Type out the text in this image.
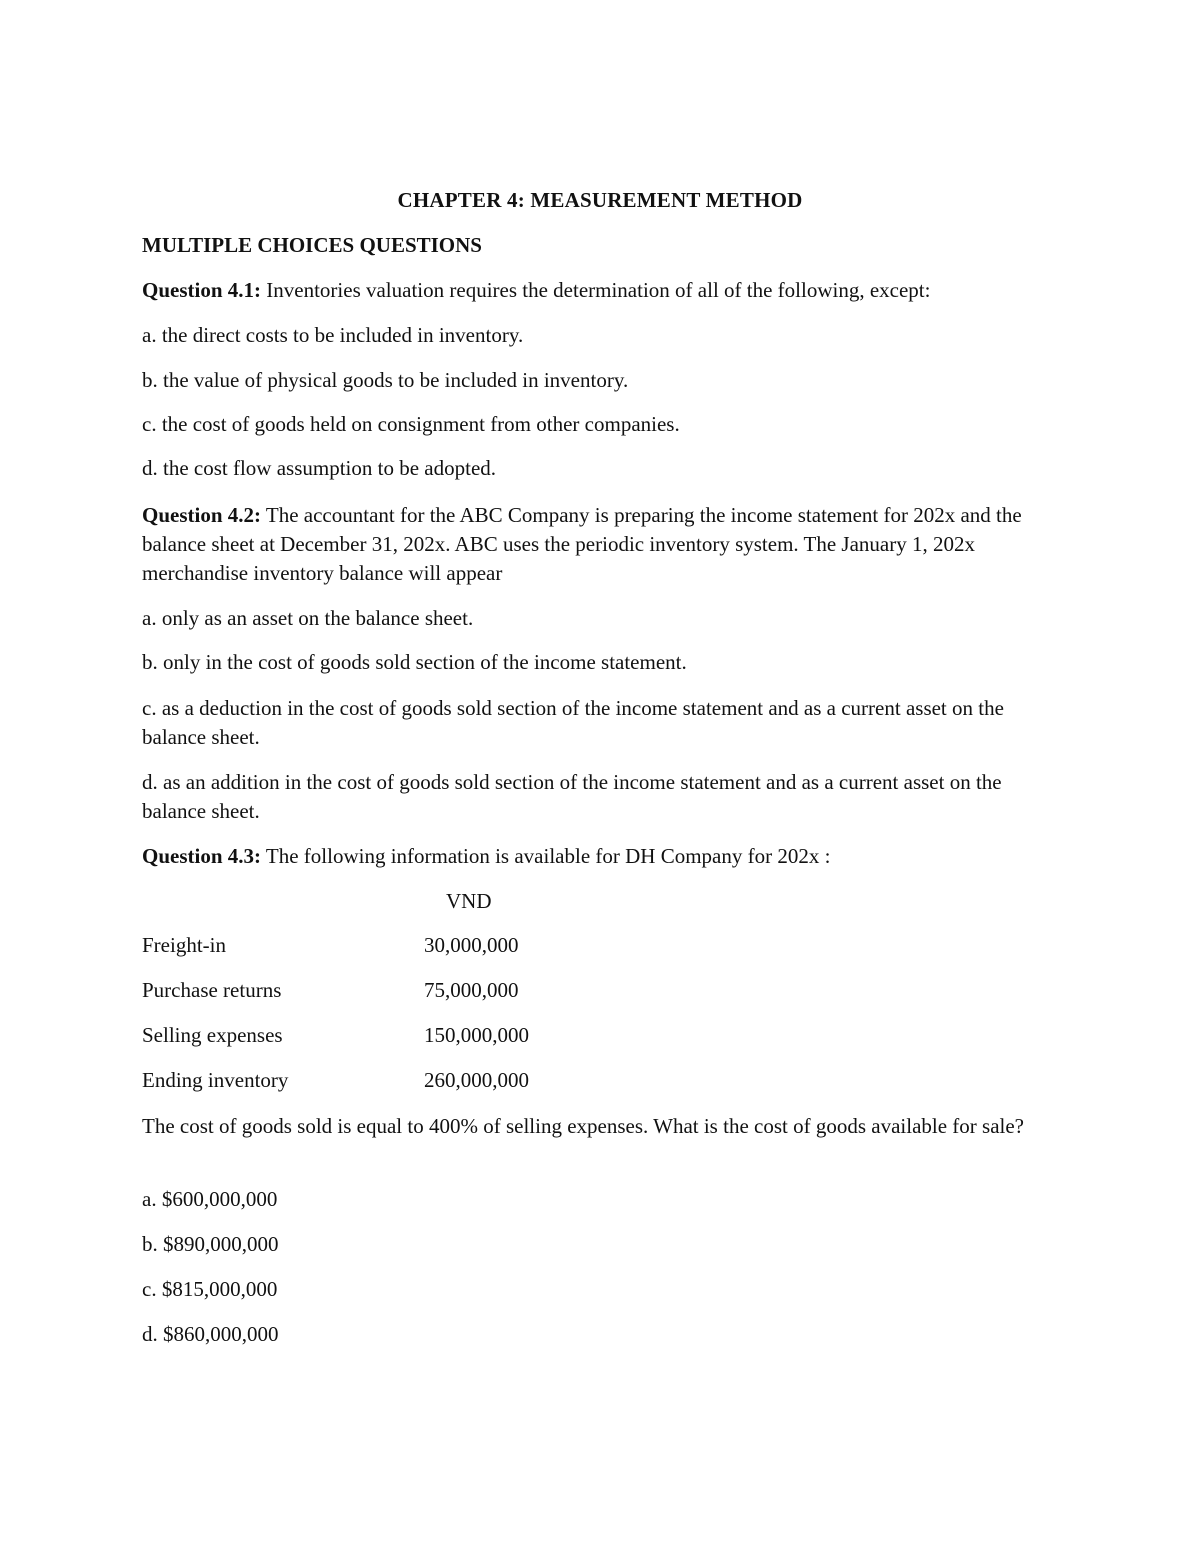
CHAPTER 4: MEASUREMENT METHOD
MULTIPLE CHOICES QUESTIONS
Question 4.1: Inventories valuation requires the determination of all of the following, except:
a. the direct costs to be included in inventory.
b. the value of physical goods to be included in inventory.
c. the cost of goods held on consignment from other companies.
d. the cost flow assumption to be adopted.
Question 4.2: The accountant for the ABC Company is preparing the income statement for 202x and the balance sheet at December 31, 202x. ABC uses the periodic inventory system. The January 1, 202x merchandise inventory balance will appear
a. only as an asset on the balance sheet.
b. only in the cost of goods sold section of the income statement.
c. as a deduction in the cost of goods sold section of the income statement and as a current asset on the balance sheet.
d. as an addition in the cost of goods sold section of the income statement and as a current asset on the balance sheet.
Question 4.3: The following information is available for DH Company for 202x :
VND
Freight-in	30,000,000
Purchase returns	75,000,000
Selling expenses	150,000,000
Ending inventory	260,000,000
The cost of goods sold is equal to 400% of selling expenses. What is the cost of goods available for sale?
a. $600,000,000
b. $890,000,000
c. $815,000,000
d. $860,000,000
